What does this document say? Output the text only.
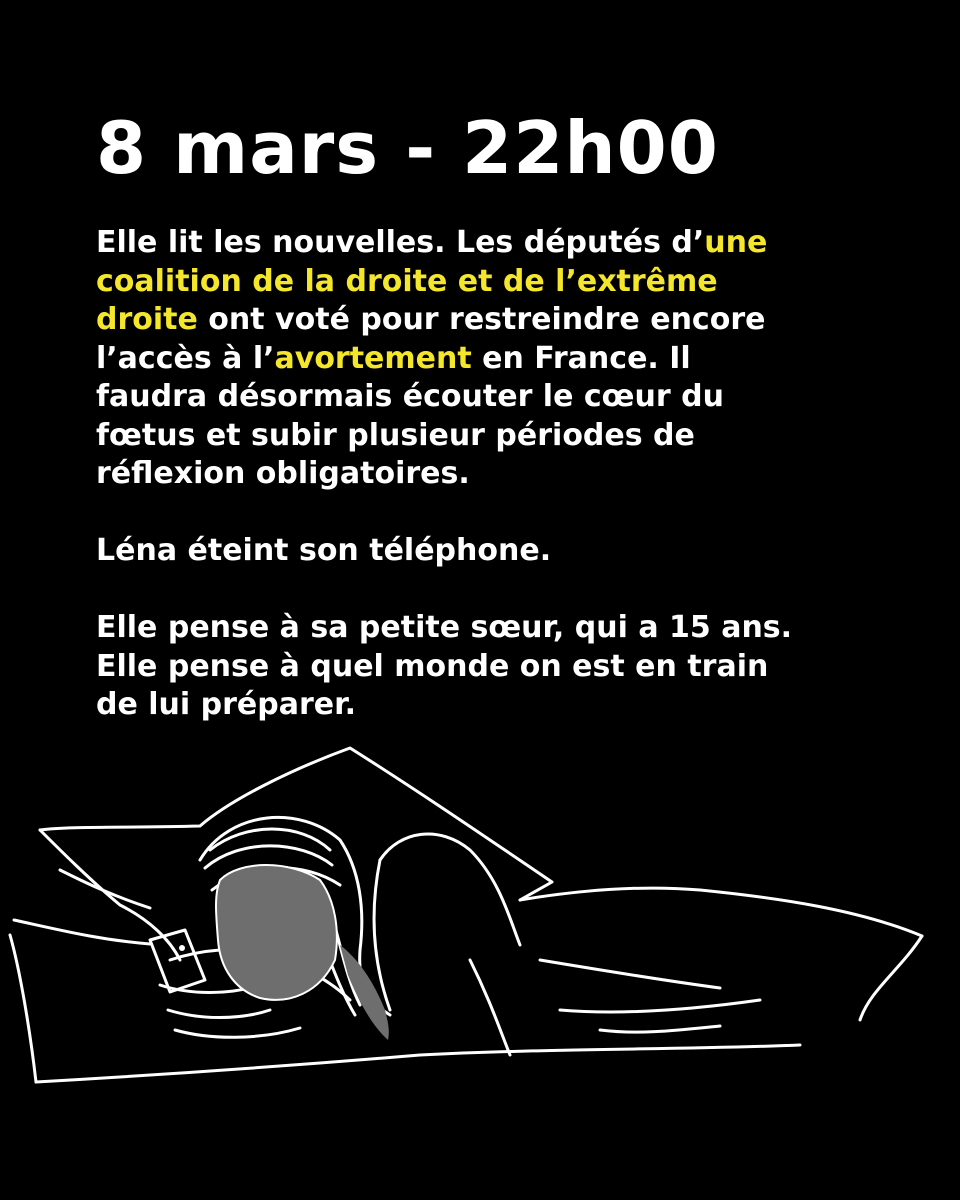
8 mars - 22h00

Elle lit les nouvelles. Les députés d’une
coalition de la droite et de l’extrême
droite ont voté pour restreindre encore
l’accès à l’avortement en France. Il
faudra désormais écouter le cœur du
fœtus et subir plusieur périodes de
réflexion obligatoires.

Léna éteint son téléphone.

Elle pense à sa petite sœur, qui a 15 ans.
Elle pense à quel monde on est en train
de lui préparer.
